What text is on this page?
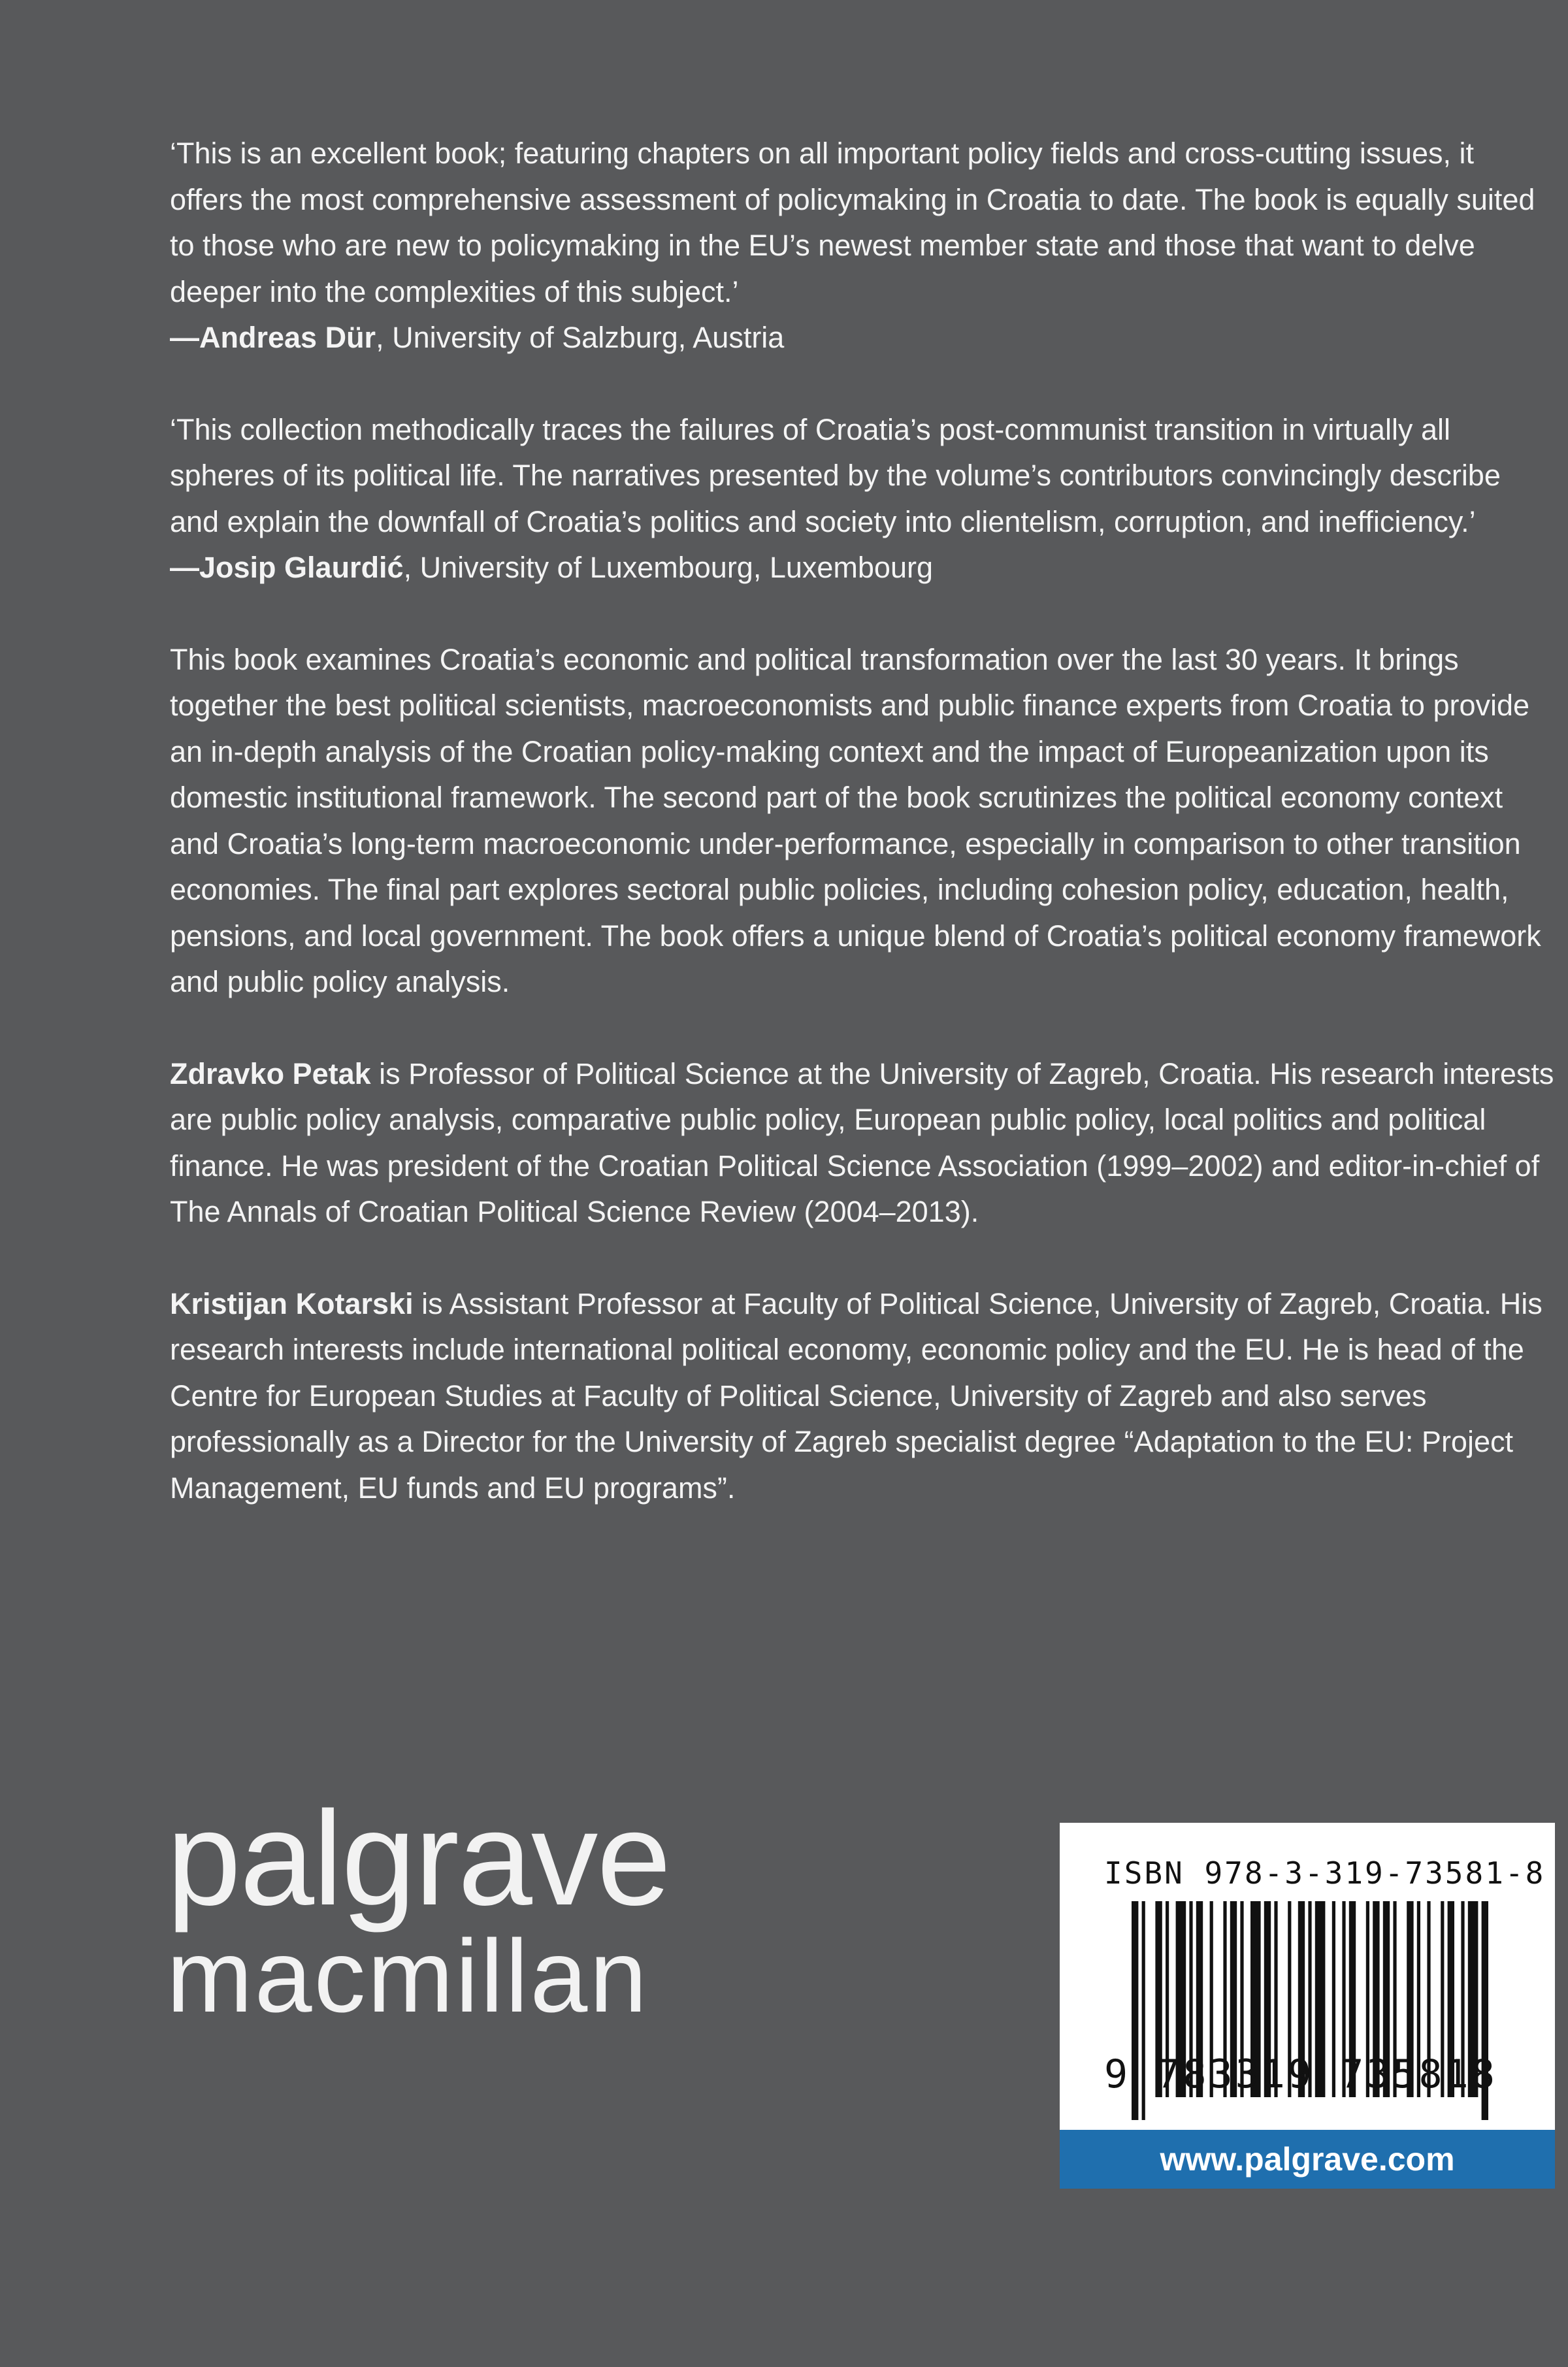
‘This is an excellent book; featuring chapters on all important policy fields and cross-cutting issues, it offers the most comprehensive assessment of policymaking in Croatia to date. The book is equally suited to those who are new to policymaking in the EU’s newest member state and those that want to delve deeper into the complexities of this subject.’

—Andreas Dür, University of Salzburg, Austria

‘This collection methodically traces the failures of Croatia’s post-communist transition in virtually all spheres of its political life. The narratives presented by the volume’s contributors convincingly describe and explain the downfall of Croatia’s politics and society into clientelism, corruption, and inefficiency.’

—Josip Glaurdić, University of Luxembourg, Luxembourg

This book examines Croatia’s economic and political transformation over the last 30 years. It brings together the best political scientists, macroeconomists and public finance experts from Croatia to provide an in-depth analysis of the Croatian policy-making context and the impact of Europeanization upon its domestic institutional framework. The second part of the book scrutinizes the political economy context and Croatia’s long-term macroeconomic under-performance, especially in comparison to other transition economies. The final part explores sectoral public policies, including cohesion policy, education, health, pensions, and local government. The book offers a unique blend of Croatia’s political economy framework and public policy analysis.

Zdravko Petak is Professor of Political Science at the University of Zagreb, Croatia. His research interests are public policy analysis, comparative public policy, European public policy, local politics and political finance. He was president of the Croatian Political Science Association (1999–2002) and editor-in-chief of The Annals of Croatian Political Science Review (2004–2013).

Kristijan Kotarski is Assistant Professor at Faculty of Political Science, University of Zagreb, Croatia. His research interests include international political economy, economic policy and the EU. He is head of the Centre for European Studies at Faculty of Political Science, University of Zagreb and also serves professionally as a Director for the University of Zagreb specialist degree “Adaptation to the EU: Project Management, EU funds and EU programs”.

palgrave
macmillan
ISBN 978-3-319-73581-8
9 783319 735818
www.palgrave.com
